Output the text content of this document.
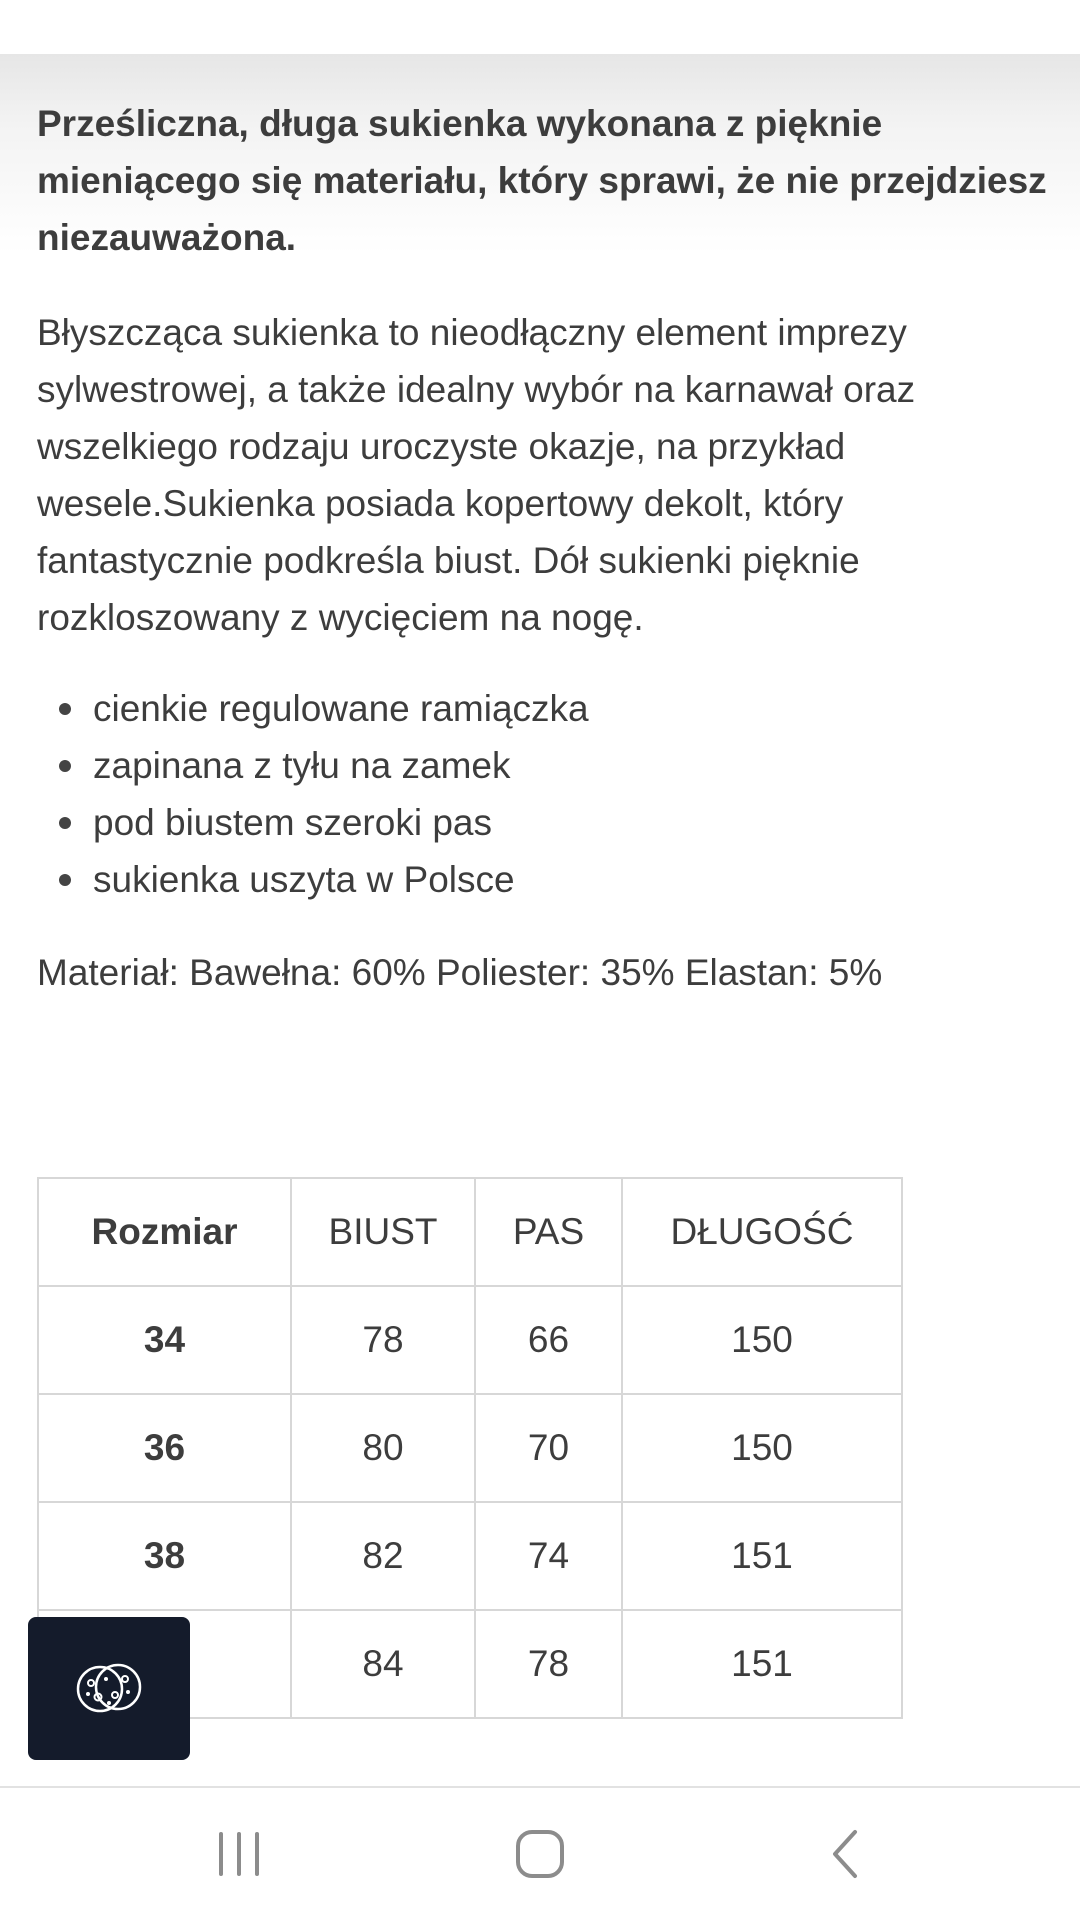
Prześliczna, długa sukienka wykonana z pięknie mieniącego się materiału, który sprawi, że nie przejdziesz niezauważona.

Błyszcząca sukienka to nieodłączny element imprezy sylwestrowej, a także idealny wybór na karnawał oraz wszelkiego rodzaju uroczyste okazje, na przykład wesele.Sukienka posiada kopertowy dekolt, który fantastycznie podkreśla biust. Dół sukienki pięknie rozkloszowany z wycięciem na nogę.

cienkie regulowane ramiączka
zapinana z tyłu na zamek
pod biustem szeroki pas
sukienka uszyta w Polsce

Materiał: Bawełna: 60% Poliester: 35% Elastan: 5%

Rozmiar	BIUST	PAS	DŁUGOŚĆ
34	78	66	150
36	80	70	150
38	82	74	151
	84	78	151
